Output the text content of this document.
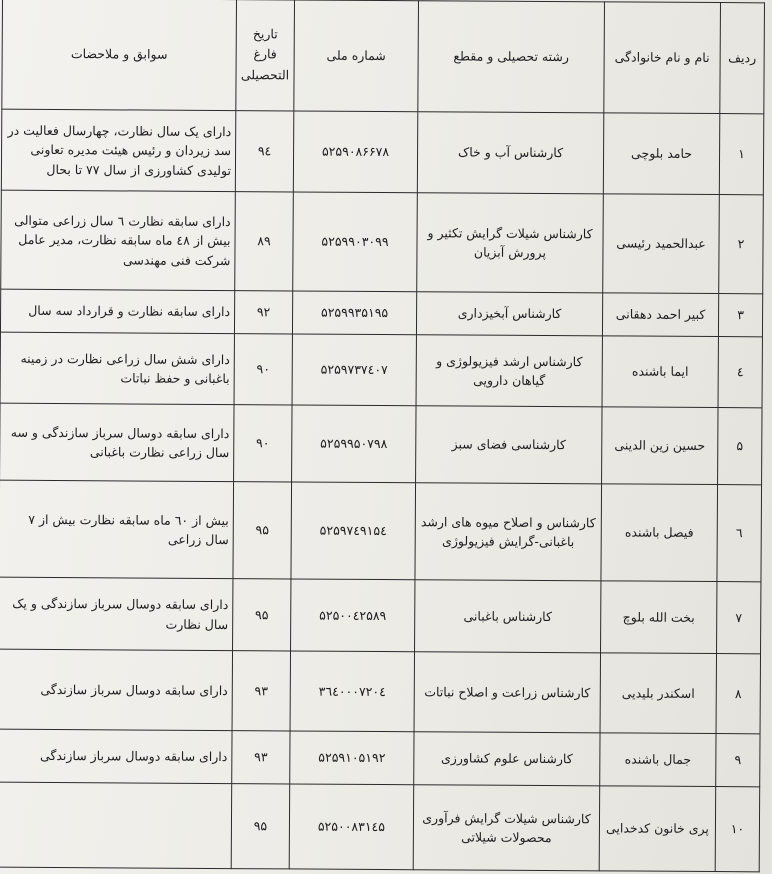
ردیف	نام و نام خانوادگی	رشته تحصیلی و مقطع	شماره ملی	تاریخ فارغ التحصیلی	سوابق و ملاحضات
۱	حامد بلوچی	کارشناس آب و خاک	۵۲۵۹۰۸۶۶۷۸	۹٤	دارای یک سال نظارت، چهارسال فعالیت در سد زیردان و رئیس هیئت مدیره تعاونی تولیدی کشاورزی از سال ۷۷ تا بحال
۲	عبدالحمید رئیسی	کارشناس شیلات گرایش تکثیر و پرورش آبزیان	۵۲۵۹۹۰۳۰۹۹	۸۹	دارای سابقه نظارت ٦ سال زراعی متوالی بیش از ٤۸ ماه سابقه نظارت، مدیر عامل شرکت فنی مهندسی
۳	کبیر احمد دهقانی	کارشناس آبخیزداری	۵۲۵۹۹۳۵۱۹۵	۹۲	دارای سابقه نظارت و قرارداد سه سال
٤	ایما باشنده	کارشناس ارشد فیزیولوژی و گیاهان دارویی	۵۲۵۹۷۳۷٤۰۷	۹۰	دارای شش سال زراعی نظارت در زمینه باغبانی و حفظ نباتات
۵	حسین زین الدینی	کارشناسی فضای سبز	۵۲۵۹۹۵۰۷۹۸	۹۰	دارای سابقه دوسال سرباز سازندگی و سه سال زراعی نظارت باغبانی
٦	فیصل باشنده	کارشناس و اصلاح میوه های ارشد باغبانی-گرایش فیزیولوژی	۵۲۵۹۷٤۹۱۵٤	۹۵	بیش از ٦۰ ماه سابقه نظارت بیش از ۷ سال زراعی
۷	بخت الله بلوچ	کارشناس باغبانی	۵۲۵۰۰٤۲۵۸۹	۹۵	دارای سابقه دوسال سرباز سازندگی و یک سال نظارت
۸	اسکندر بلیدیی	کارشناس زراعت و اصلاح نباتات	۳٦٤۰۰۰۷۲۰٤	۹۳	دارای سابقه دوسال سرباز سازندگی
۹	جمال باشنده	کارشناس علوم کشاورزی	۵۲۵۹۱۰۵۱۹۲	۹۳	دارای سابقه دوسال سرباز سازندگی
۱۰	پری خانون کدخدایی	کارشناس شیلات گرایش فرآوری محصولات شیلاتی	۵۲۵۰۰۸۳۱٤۵	۹۵	
